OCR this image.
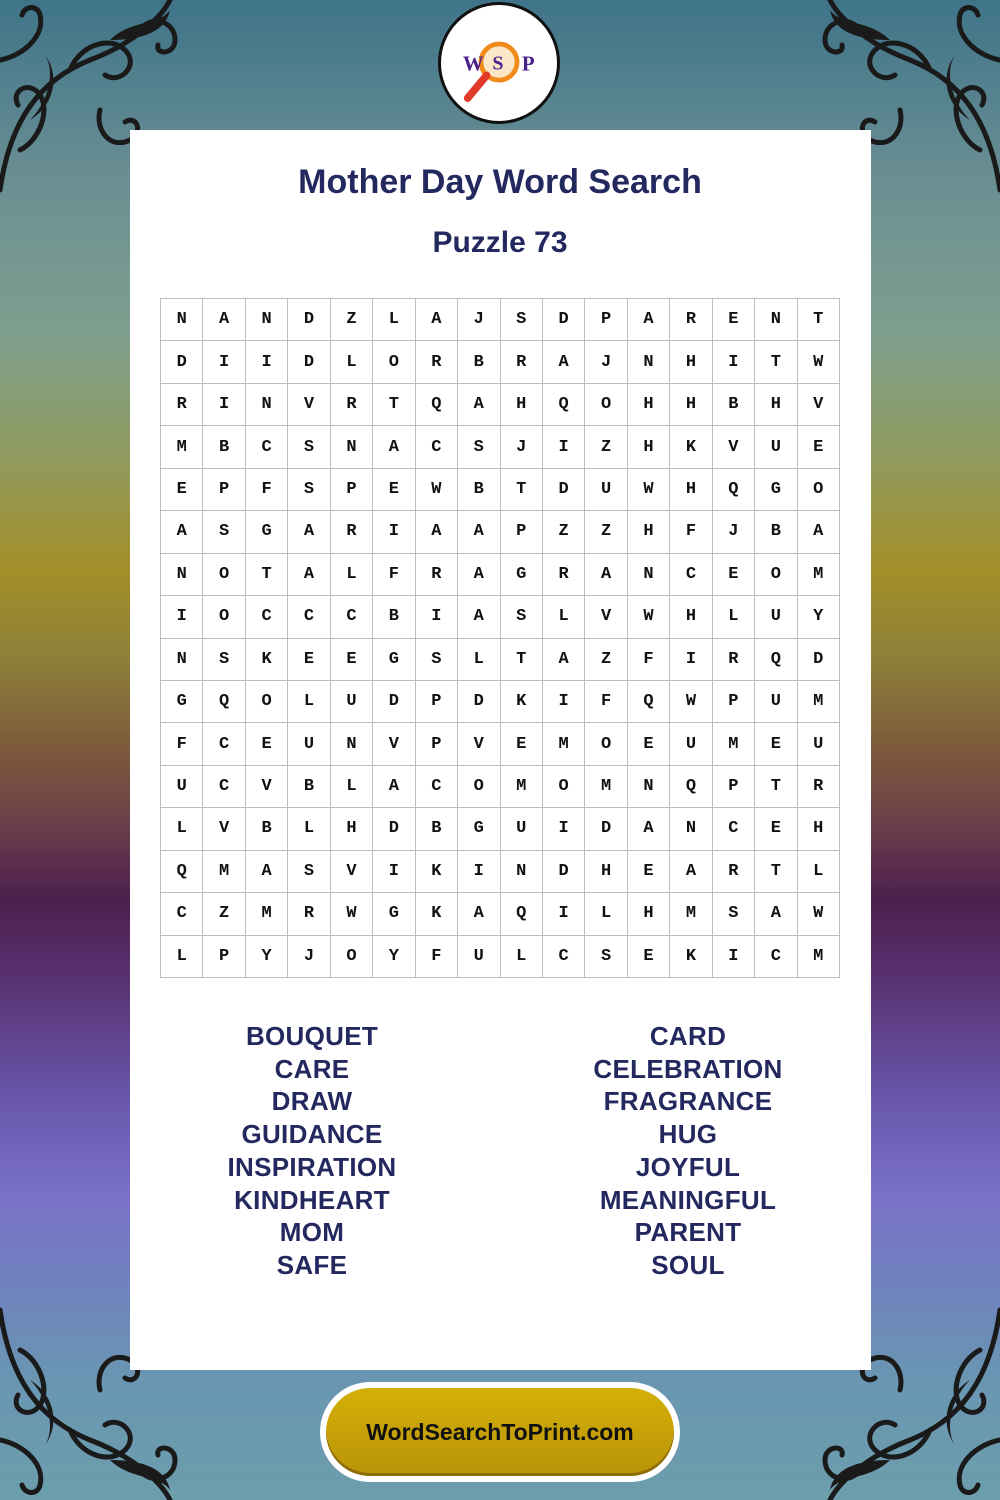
W S P
Mother Day Word Search
Puzzle 73
N	A	N	D	Z	L	A	J	S	D	P	A	R	E	N	T
D	I	I	D	L	O	R	B	R	A	J	N	H	I	T	W
R	I	N	V	R	T	Q	A	H	Q	O	H	H	B	H	V
M	B	C	S	N	A	C	S	J	I	Z	H	K	V	U	E
E	P	F	S	P	E	W	B	T	D	U	W	H	Q	G	O
A	S	G	A	R	I	A	A	P	Z	Z	H	F	J	B	A
N	O	T	A	L	F	R	A	G	R	A	N	C	E	O	M
I	O	C	C	C	B	I	A	S	L	V	W	H	L	U	Y
N	S	K	E	E	G	S	L	T	A	Z	F	I	R	Q	D
G	Q	O	L	U	D	P	D	K	I	F	Q	W	P	U	M
F	C	E	U	N	V	P	V	E	M	O	E	U	M	E	U
U	C	V	B	L	A	C	O	M	O	M	N	Q	P	T	R
L	V	B	L	H	D	B	G	U	I	D	A	N	C	E	H
Q	M	A	S	V	I	K	I	N	D	H	E	A	R	T	L
C	Z	M	R	W	G	K	A	Q	I	L	H	M	S	A	W
L	P	Y	J	O	Y	F	U	L	C	S	E	K	I	C	M
BOUQUET
CARE
DRAW
GUIDANCE
INSPIRATION
KINDHEART
MOM
SAFE
CARD
CELEBRATION
FRAGRANCE
HUG
JOYFUL
MEANINGFUL
PARENT
SOUL
WordSearchToPrint.com
